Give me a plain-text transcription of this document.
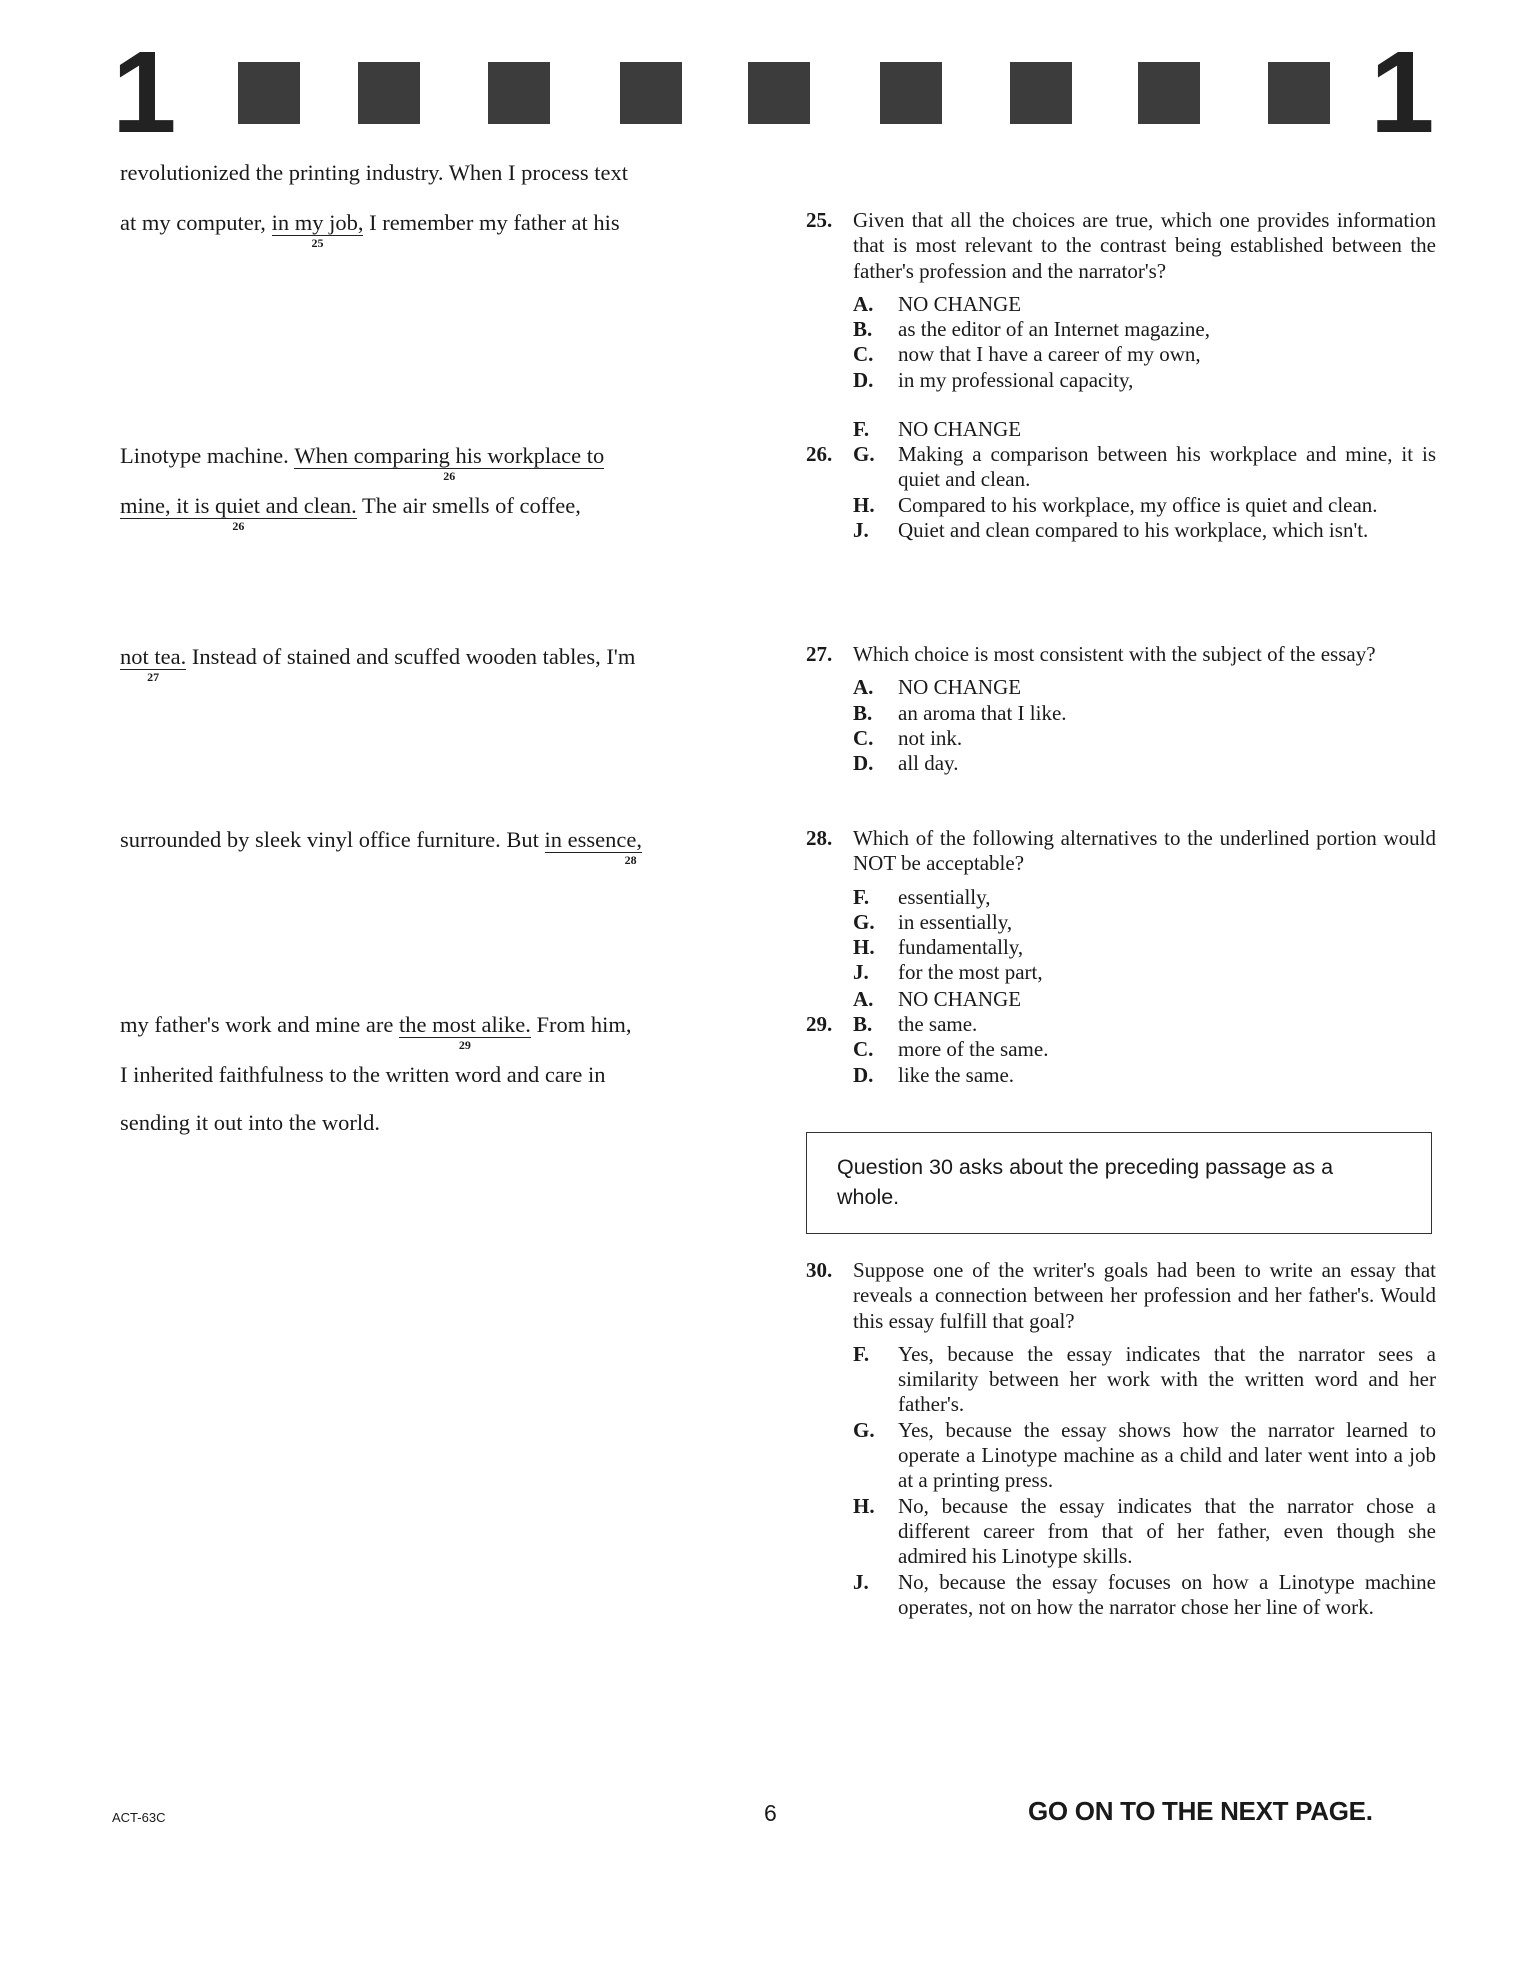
1	1
revolutionized the printing industry. When I process text
at my computer, in my job,
25
I remember my father at his
Linotype machine. When comparing his workplace to
26
mine, it is quiet and clean.
26
The air smells of coffee,
not tea.
27
Instead of stained and scuffed wooden tables, I'm
surrounded by sleek vinyl office furniture. But in essence,
28
my father's work and mine are the most alike.
29
From him,
I inherited faithfulness to the written word and care in
sending it out into the world.
25. Given that all the choices are true, which one provides information that is most relevant to the contrast being established between the father's profession and the narrator's?
A. NO CHANGE
B. as the editor of an Internet magazine,
C. now that I have a career of my own,
D. in my professional capacity,
26.
F. NO CHANGE
G. Making a comparison between his workplace and mine, it is quiet and clean.
H. Compared to his workplace, my office is quiet and clean.
J. Quiet and clean compared to his workplace, which isn't.
27. Which choice is most consistent with the subject of the essay?
A. NO CHANGE
B. an aroma that I like.
C. not ink.
D. all day.
28. Which of the following alternatives to the underlined portion would NOT be acceptable?
F. essentially,
G. in essentially,
H. fundamentally,
J. for the most part,
29.
A. NO CHANGE
B. the same.
C. more of the same.
D. like the same.
Question 30 asks about the preceding passage as a whole.
30. Suppose one of the writer's goals had been to write an essay that reveals a connection between her profession and her father's. Would this essay fulfill that goal?
F. Yes, because the essay indicates that the narrator sees a similarity between her work with the written word and her father's.
G. Yes, because the essay shows how the narrator learned to operate a Linotype machine as a child and later went into a job at a printing press.
H. No, because the essay indicates that the narrator chose a different career from that of her father, even though she admired his Linotype skills.
J. No, because the essay focuses on how a Linotype machine operates, not on how the narrator chose her line of work.
ACT-63C	6	GO ON TO THE NEXT PAGE.
